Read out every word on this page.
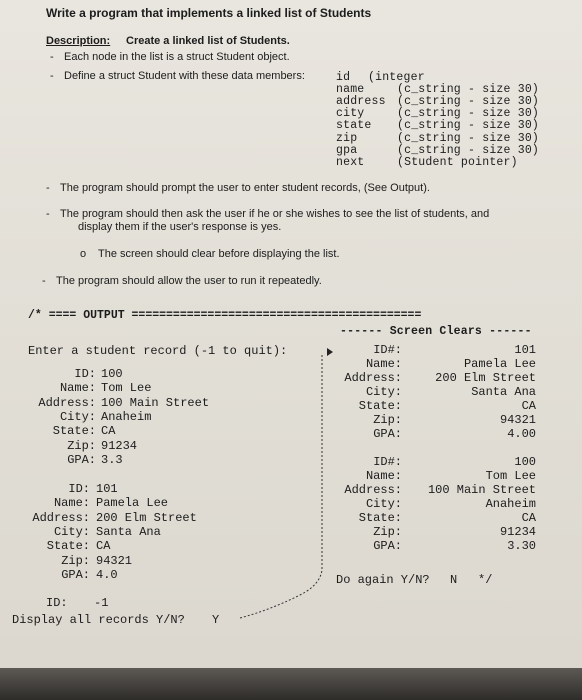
Write a program that implements a linked list of Students
Description: Create a linked list of Students.
- Each node in the list is a struct Student object.
- Define a struct Student with these data members:	id (integer
name	(c_string - size 30)
address (c_string - size 30)
city	(c_string - size 30)
state (c_string - size 30)
zip	(c_string - size 30)
gpa	(c_string - size 30)
next	(Student pointer)
- The program should prompt the user to enter student records, (See Output).
- The program should then ask the user if he or she wishes to see the list of students, and
display them if the user's response is yes.
o The screen should clear before displaying the list.
- The program should allow the user to run it repeatedly.
/* ==== OUTPUT ==========================================
------ Screen Clears ------
Enter a student record (-1 to quit):
ID: 100
Name: Tom Lee
Address: 100 Main Street
City: Anaheim
State: CA
Zip: 91234
GPA: 3.3
ID: 101
Name: Pamela Lee
Address: 200 Elm Street
City: Santa Ana
State: CA
Zip: 94321
GPA: 4.0
ID: -1
Display all records Y/N? Y
ID#:	101
Name:	Pamela Lee
Address:	200 Elm Street
City:	Santa Ana
State:	CA
Zip:	94321
GPA:	4.00
ID#:	100
Name:	Tom Lee
Address:	100 Main Street
City:	Anaheim
State:	CA
Zip:	91234
GPA:	3.30
Do again Y/N? N */
